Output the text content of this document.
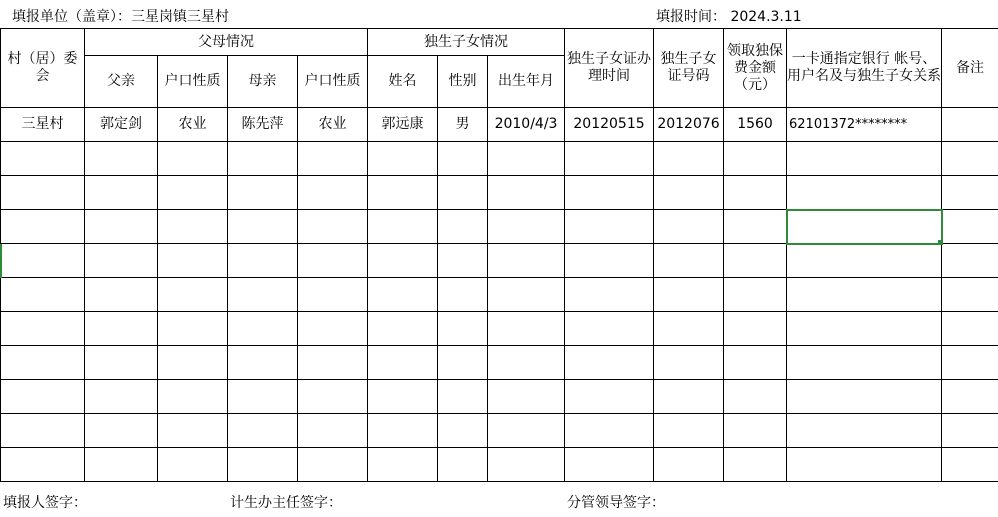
填报单位（盖章）：三星岗镇三星村	填报时间： 2024.3.11
村（居）委会	父母情况				独生子女情况			独生子女证办理时间	独生子女证号码	领取独保费金额（元）	一卡通指定银行 帐号、用户名及与独生子女关系	备注
	父亲	户口性质	母亲	户口性质	姓名	性别	出生年月					
三星村	郭定剑	农业	陈先萍	农业	郭远康	男	2010/4/3	20120515	2012076	1560	62101372********	

填报人签字：	计生办主任签字：	分管领导签字：
